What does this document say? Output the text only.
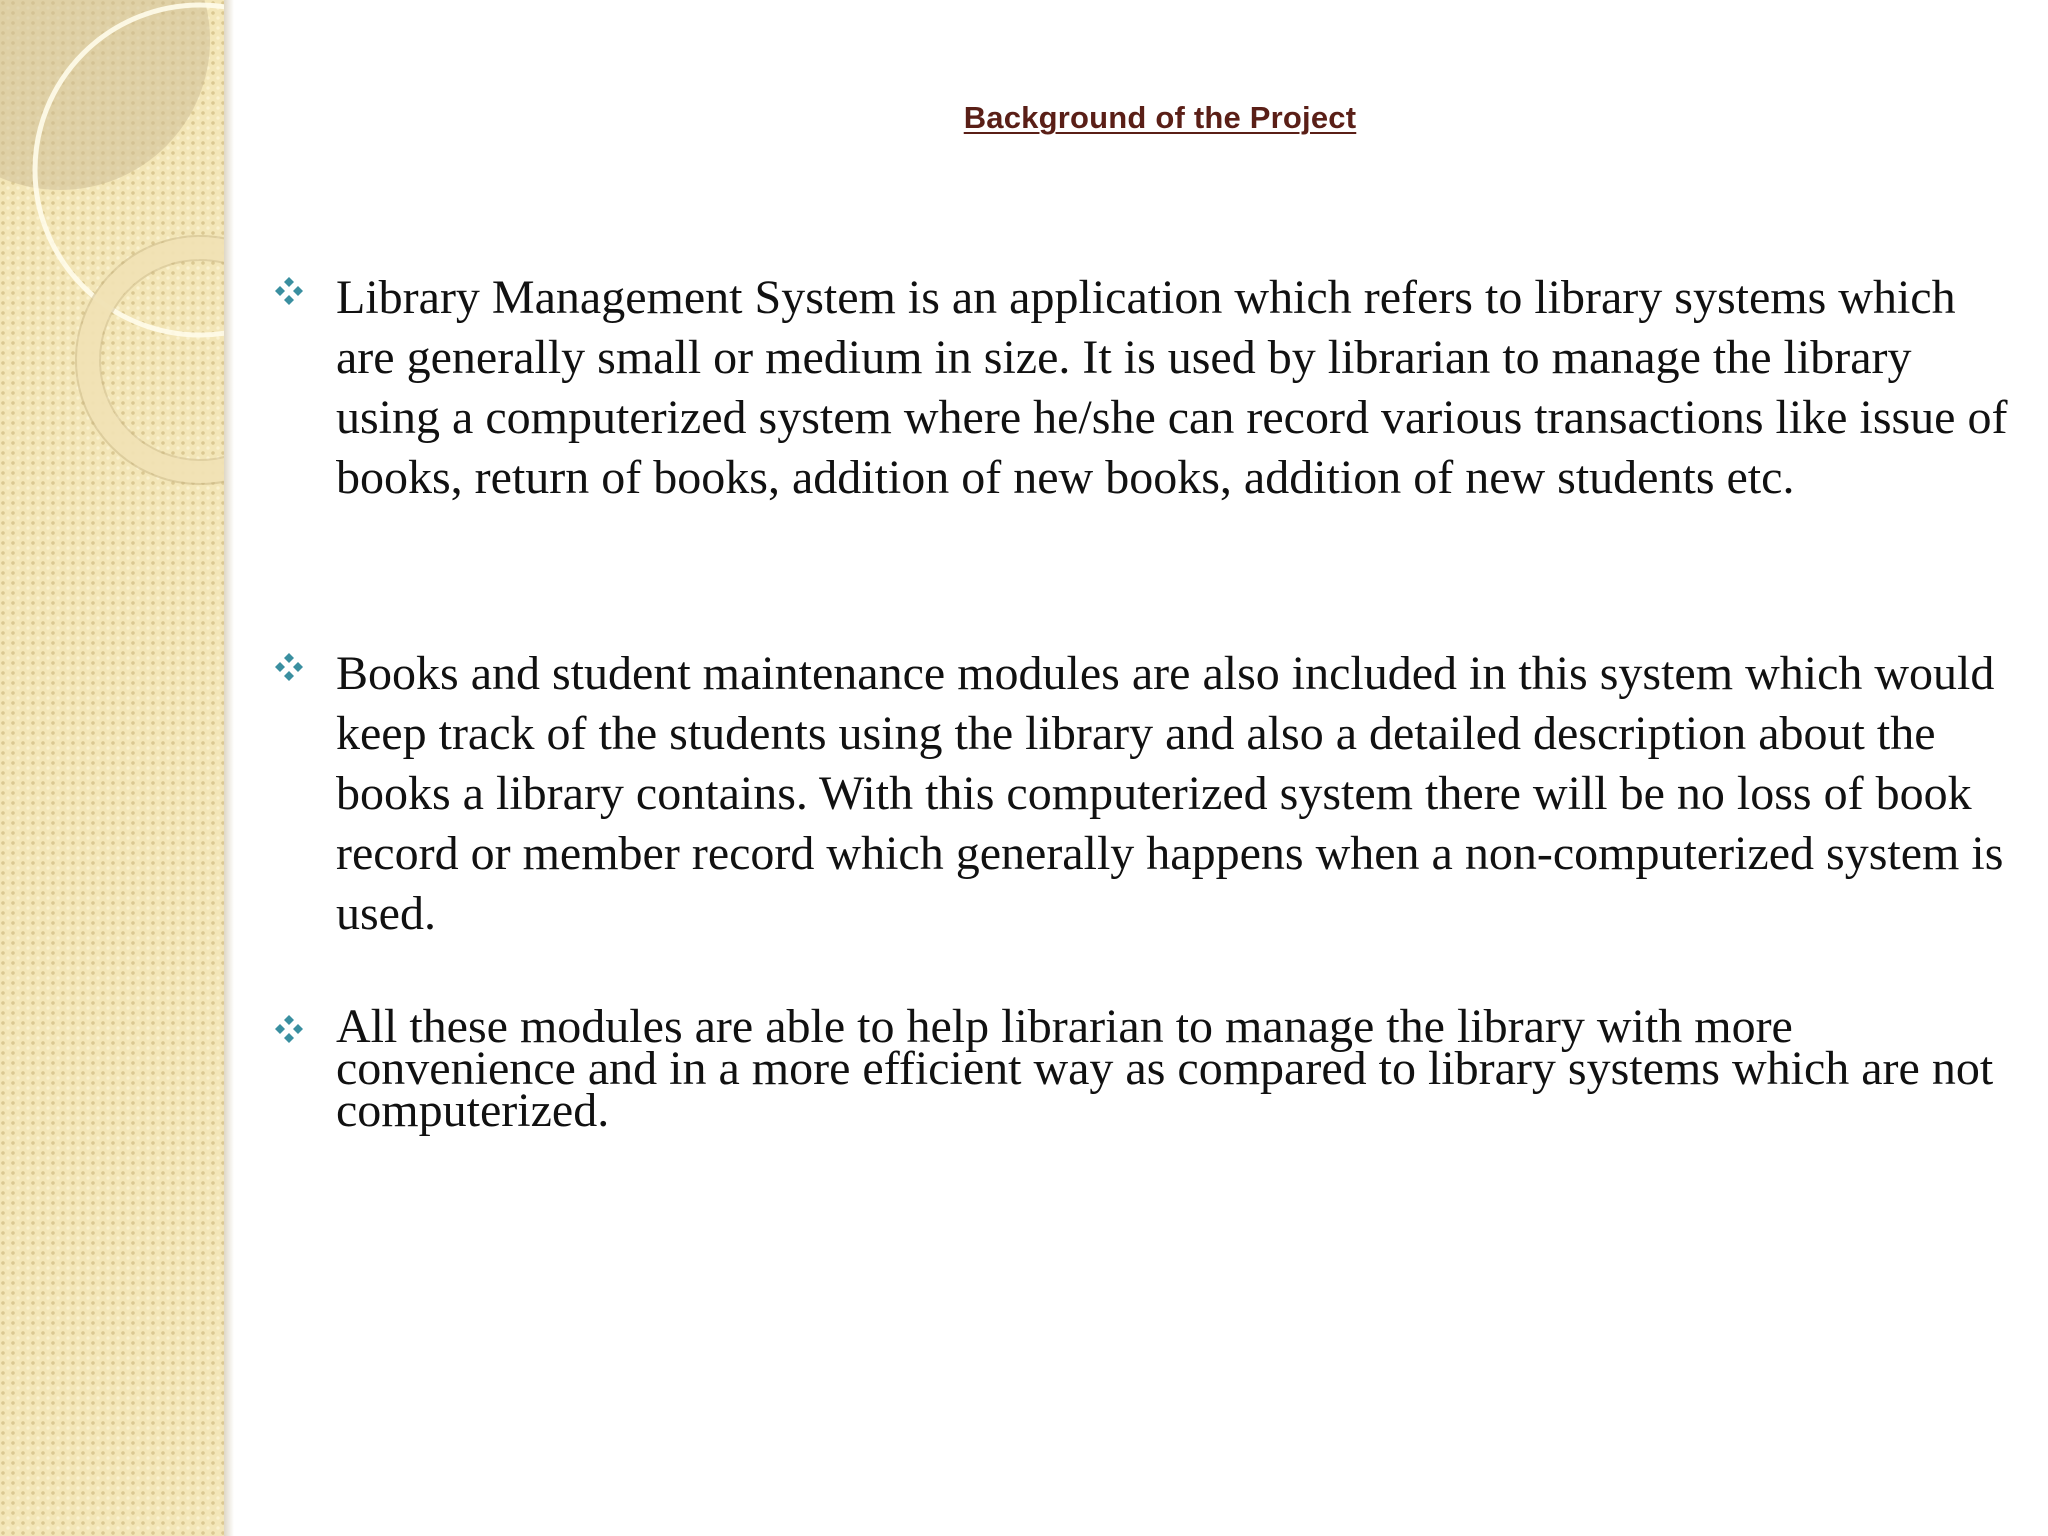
Background of the Project
Library Management System is an application which refers to library systems which are generally small or medium in size. It is used by librarian to manage the library using a computerized system where he/she can record various transactions like issue of books, return of books, addition of new books, addition of new students etc.
Books and student maintenance modules are also included in this system which would keep track of the students using the library and also a detailed description about the books a library contains. With this computerized system there will be no loss of book record or member record which generally happens when a non-computerized system is used.
All these modules are able to help librarian to manage the library with more convenience and in a more efficient way as compared to library systems which are not computerized.
